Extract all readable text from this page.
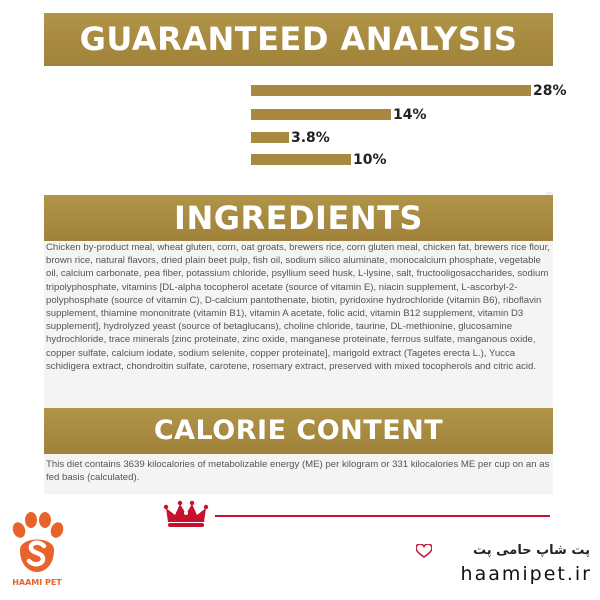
GUARANTEED ANALYSIS
28%
14%
3.8%
10%
INGREDIENTS

Chicken by-product meal, wheat gluten, corn, oat groats, brewers rice, corn gluten meal, chicken fat, brewers rice flour, brown rice, natural flavors, dried plain beet pulp, fish oil, sodium silico aluminate, monocalcium phosphate, vegetable oil, calcium carbonate, pea fiber, potassium chloride, psyllium seed husk, L-lysine, salt, fructooligosaccharides, sodium tripolyphosphate, vitamins [DL-alpha tocopherol acetate (source of vitamin E), niacin supplement, L-ascorbyl-2-polyphosphate (source of vitamin C), D-calcium pantothenate, biotin, pyridoxine hydrochloride (vitamin B6), riboflavin supplement, thiamine mononitrate (vitamin B1), vitamin A acetate, folic acid, vitamin B12 supplement, vitamin D3 supplement], hydrolyzed yeast (source of betaglucans), choline chloride, taurine, DL-methionine, glucosamine hydrochloride, trace minerals [zinc proteinate, zinc oxide, manganese proteinate, ferrous sulfate, manganous oxide, copper sulfate, calcium iodate, sodium selenite, copper proteinate], marigold extract (Tagetes erecta L.), Yucca schidigera extract, chondroitin sulfate, carotene, rosemary extract, preserved with mixed tocopherols and citric acid.

CALORIE CONTENT

This diet contains 3639 kilocalories of metabolizable energy (ME) per kilogram or 331 kilocalories ME per cup on an as fed basis (calculated).

HAAMI PET
پت شاپ حامی پت
haamipet.ir
